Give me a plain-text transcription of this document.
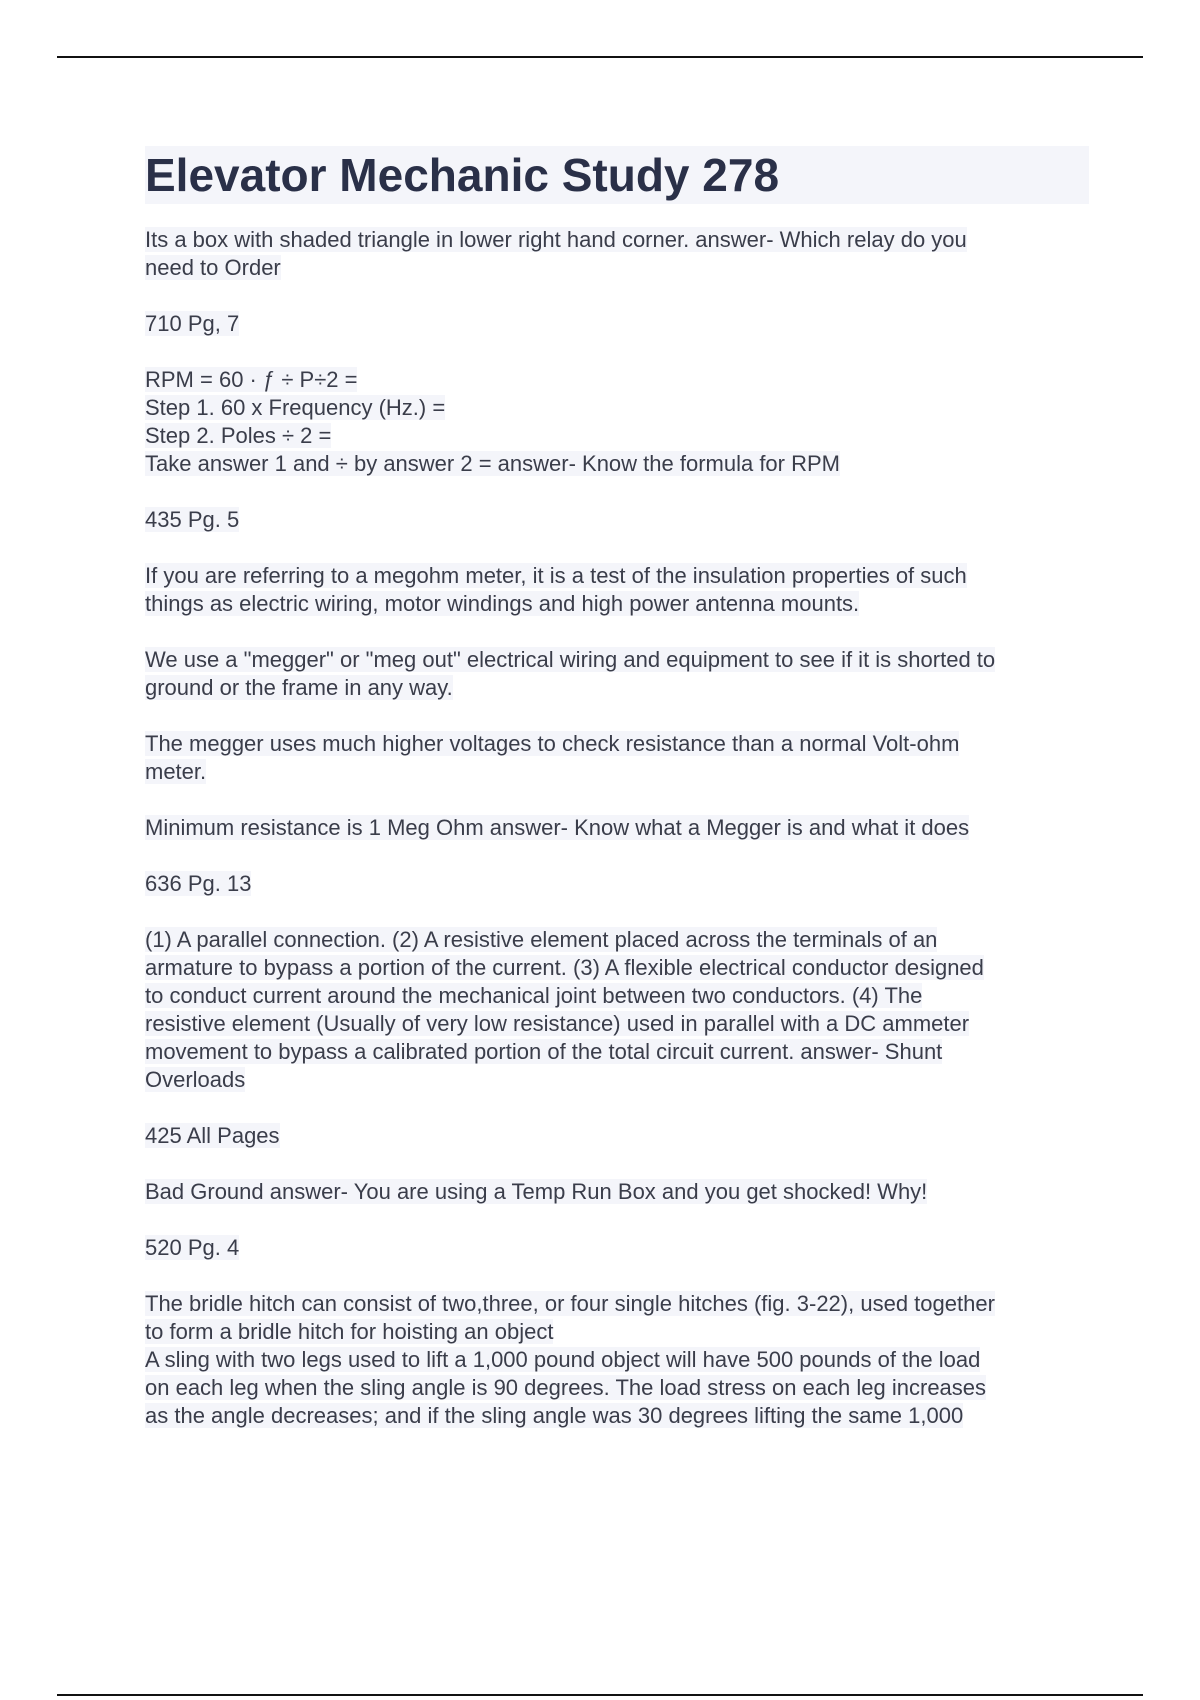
Elevator Mechanic Study 278
Its a box with shaded triangle in lower right hand corner. answer- Which relay do you
need to Order
710 Pg, 7
RPM = 60 · ƒ ÷ P÷2 =
Step 1. 60 x Frequency (Hz.) =
Step 2. Poles ÷ 2 =
Take answer 1 and ÷ by answer 2 = answer- Know the formula for RPM
435 Pg. 5
If you are referring to a megohm meter, it is a test of the insulation properties of such
things as electric wiring, motor windings and high power antenna mounts.
We use a "megger" or "meg out" electrical wiring and equipment to see if it is shorted to
ground or the frame in any way.
The megger uses much higher voltages to check resistance than a normal Volt-ohm
meter.
Minimum resistance is 1 Meg Ohm answer- Know what a Megger is and what it does
636 Pg. 13
(1) A parallel connection. (2) A resistive element placed across the terminals of an
armature to bypass a portion of the current. (3) A flexible electrical conductor designed
to conduct current around the mechanical joint between two conductors. (4) The
resistive element (Usually of very low resistance) used in parallel with a DC ammeter
movement to bypass a calibrated portion of the total circuit current. answer- Shunt
Overloads
425 All Pages
Bad Ground answer- You are using a Temp Run Box and you get shocked! Why!
520 Pg. 4
The bridle hitch can consist of two,three, or four single hitches (fig. 3-22), used together
to form a bridle hitch for hoisting an object
A sling with two legs used to lift a 1,000 pound object will have 500 pounds of the load
on each leg when the sling angle is 90 degrees. The load stress on each leg increases
as the angle decreases; and if the sling angle was 30 degrees lifting the same 1,000
